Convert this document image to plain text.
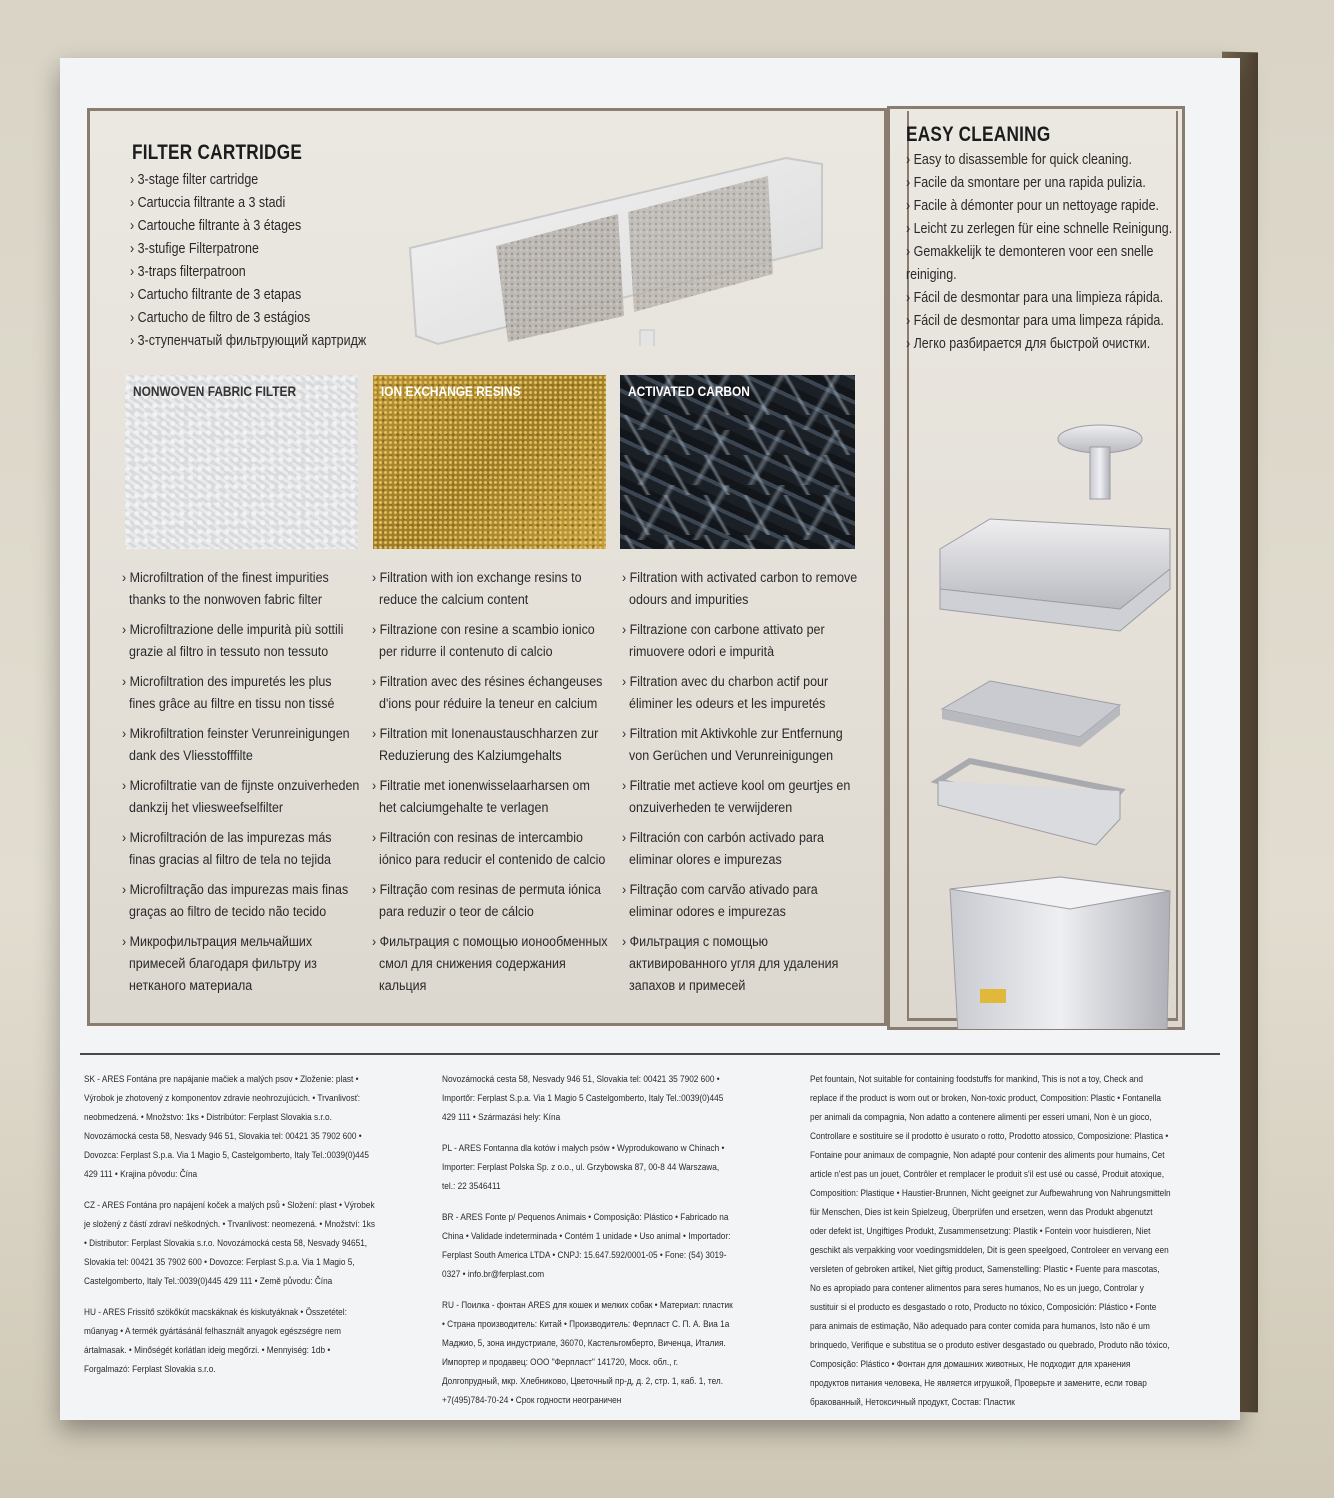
FILTER CARTRIDGE
› 3-stage filter cartridge
› Cartuccia filtrante a 3 stadi
› Cartouche filtrante à 3 étages
› 3-stufige Filterpatrone
› 3-traps filterpatroon
› Cartucho filtrante de 3 etapas
› Cartucho de filtro de 3 estágios
› 3-ступенчатый фильтрующий картридж
NONWOVEN FABRIC FILTER	ION EXCHANGE RESINS	ACTIVATED CARBON

› Microfiltration of the finest impurities thanks to the nonwoven fabric filter

› Microfiltrazione delle impurità più sottili grazie al filtro in tessuto non tessuto

› Microfiltration des impuretés les plus fines grâce au filtre en tissu non tissé

› Mikrofiltration feinster Verunreinigungen dank des Vliesstofffilte

› Microfiltratie van de fijnste onzuiverheden dankzij het vliesweefselfilter

› Microfiltración de las impurezas más finas gracias al filtro de tela no tejida

› Microfiltração das impurezas mais finas graças ao filtro de tecido não tecido

› Микрофильтрация мельчайших примесей благодаря фильтру из нетканого материала

› Filtration with ion exchange resins to reduce the calcium content

› Filtrazione con resine a scambio ionico per ridurre il contenuto di calcio

› Filtration avec des résines échangeuses d'ions pour réduire la teneur en calcium

› Filtration mit Ionenaustauschharzen zur Reduzierung des Kalziumgehalts

› Filtratie met ionenwisselaarharsen om het calciumgehalte te verlagen

› Filtración con resinas de intercambio iónico para reducir el contenido de calcio

› Filtração com resinas de permuta iónica para reduzir o teor de cálcio

› Фильтрация с помощью ионообменных смол для снижения содержания кальция

› Filtration with activated carbon to remove odours and impurities

› Filtrazione con carbone attivato per rimuovere odori e impurità

› Filtration avec du charbon actif pour éliminer les odeurs et les impuretés

› Filtration mit Aktivkohle zur Entfernung von Gerüchen und Verunreinigungen

› Filtratie met actieve kool om geurtjes en onzuiverheden te verwijderen

› Filtración con carbón activado para eliminar olores e impurezas

› Filtração com carvão ativado para eliminar odores e impurezas

› Фильтрация с помощью активированного угля для удаления запахов и примесей

EASY CLEANING
› Easy to disassemble for quick cleaning.
› Facile da smontare per una rapida pulizia.
› Facile à démonter pour un nettoyage rapide.
› Leicht zu zerlegen für eine schnelle Reinigung.
› Gemakkelijk te demonteren voor een snelle reiniging.
› Fácil de desmontar para una limpieza rápida.
› Fácil de desmontar para uma limpeza rápida.
› Легко разбирается для быстрой очистки.

SK - ARES Fontána pre napájanie mačiek a malých psov • Zloženie: plast • Výrobok je zhotovený z komponentov zdravie neohrozujúcich. • Trvanlivosť: neobmedzená. • Množstvo: 1ks • Distribútor: Ferplast Slovakia s.r.o. Novozámocká cesta 58, Nesvady 946 51, Slovakia tel: 00421 35 7902 600 • Dovozca: Ferplast S.p.a. Via 1 Magio 5, Castelgomberto, Italy Tel.:0039(0)445 429 111 • Krajina pôvodu: Čína

CZ - ARES Fontána pro napájení koček a malých psů • Složení: plast • Výrobek je složený z částí zdraví neškodných. • Trvanlivost: neomezená. • Množství: 1ks • Distributor: Ferplast Slovakia s.r.o. Novozámocká cesta 58, Nesvady 94651, Slovakia tel: 00421 35 7902 600 • Dovozce: Ferplast S.p.a. Via 1 Magio 5, Castelgomberto, Italy Tel.:0039(0)445 429 111 • Země původu: Čína

HU - ARES Frissítő szökőkút macskáknak és kiskutyáknak • Összetétel: műanyag • A termék gyártásánál felhasznált anyagok egészségre nem ártalmasak. • Minőségét korlátlan ideig megőrzi. • Mennyiség: 1db • Forgalmazó: Ferplast Slovakia s.r.o.

Novozámocká cesta 58, Nesvady 946 51, Slovakia tel: 00421 35 7902 600 • Importőr: Ferplast S.p.a. Via 1 Magio 5 Castelgomberto, Italy Tel.:0039(0)445 429 111 • Származási hely: Kína

PL - ARES Fontanna dla kotów i małych psów • Wyprodukowano w Chinach • Importer: Ferplast Polska Sp. z o.o., ul. Grzybowska 87, 00-8 44 Warszawa, tel.: 22 3546411

BR - ARES Fonte p/ Pequenos Animais • Composição: Plástico • Fabricado na China • Validade indeterminada • Contém 1 unidade • Uso animal • Importador: Ferplast South America LTDA • CNPJ: 15.647.592/0001-05 • Fone: (54) 3019-0327 • info.br@ferplast.com

RU - Поилка - фонтан ARES для кошек и мелких собак • Материал: пластик • Страна производитель: Китай • Производитель: Ферпласт С. П. А. Виа 1а Маджио, 5, зона индустриале, 36070, Кастельгомберто, Виченца, Италия. Импортер и продавец: ООО "Ферпласт" 141720, Моск. обл., г. Долгопрудный, мкр. Хлебниково, Цветочный пр-д, д. 2, стр. 1, каб. 1, тел. +7(495)784-70-24 • Срок годности неограничен

Pet fountain, Not suitable for containing foodstuffs for mankind, This is not a toy, Check and replace if the product is worn out or broken, Non-toxic product, Composition: Plastic • Fontanella per animali da compagnia, Non adatto a contenere alimenti per esseri umani, Non è un gioco, Controllare e sostituire se il prodotto è usurato o rotto, Prodotto atossico, Composizione: Plastica • Fontaine pour animaux de compagnie, Non adapté pour contenir des aliments pour humains, Cet article n'est pas un jouet, Contrôler et remplacer le produit s'il est usé ou cassé, Produit atoxique, Composition: Plastique • Haustier-Brunnen, Nicht geeignet zur Aufbewahrung von Nahrungsmitteln für Menschen, Dies ist kein Spielzeug, Überprüfen und ersetzen, wenn das Produkt abgenutzt oder defekt ist, Ungiftiges Produkt, Zusammensetzung: Plastik • Fontein voor huisdieren, Niet geschikt als verpakking voor voedingsmiddelen, Dit is geen speelgoed, Controleer en vervang een versleten of gebroken artikel, Niet giftig product, Samenstelling: Plastic • Fuente para mascotas, No es apropiado para contener alimentos para seres humanos, No es un juego, Controlar y sustituir si el producto es desgastado o roto, Producto no tóxico, Composición: Plástico • Fonte para animais de estimação, Não adequado para conter comida para humanos, Isto não é um brinquedo, Verifique e substitua se o produto estiver desgastado ou quebrado, Produto não tóxico, Composição: Plástico • Фонтан для домашних животных, Не подходит для хранения продуктов питания человека, Не является игрушкой, Проверьте и замените, если товар бракованный, Нетоксичный продукт, Состав: Пластик
